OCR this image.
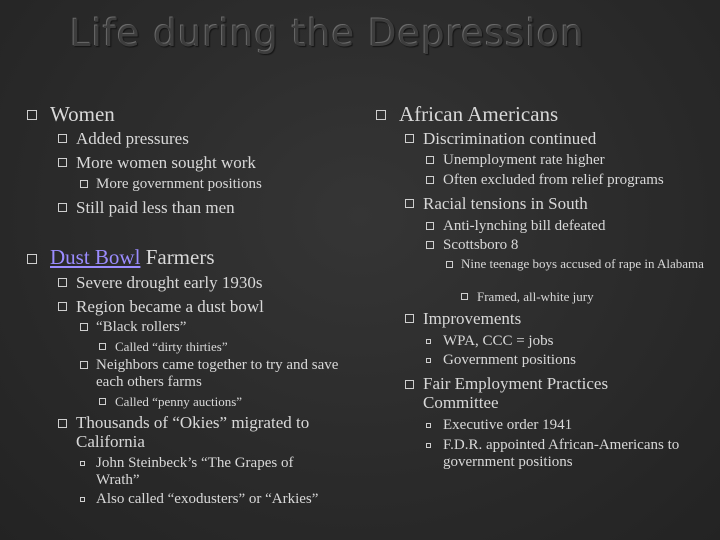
Life during the Depression
Women
Added pressures
More women sought work
More government positions
Still paid less than men
Dust Bowl Farmers
Severe drought early 1930s
Region became a dust bowl
“Black rollers”
Called “dirty thirties”
Neighbors came together to try and save each others farms
Called “penny auctions”
Thousands of “Okies” migrated to California
John Steinbeck’s “The Grapes of Wrath”
Also called “exodusters” or “Arkies”
African Americans
Discrimination continued
Unemployment rate higher
Often excluded from relief programs
Racial tensions in South
Anti-lynching bill defeated
Scottsboro 8
Nine teenage boys accused of rape in Alabama
Framed, all-white jury
Improvements
WPA, CCC = jobs
Government positions
Fair Employment Practices Committee
Executive order 1941
F.D.R. appointed African-Americans to government positions
